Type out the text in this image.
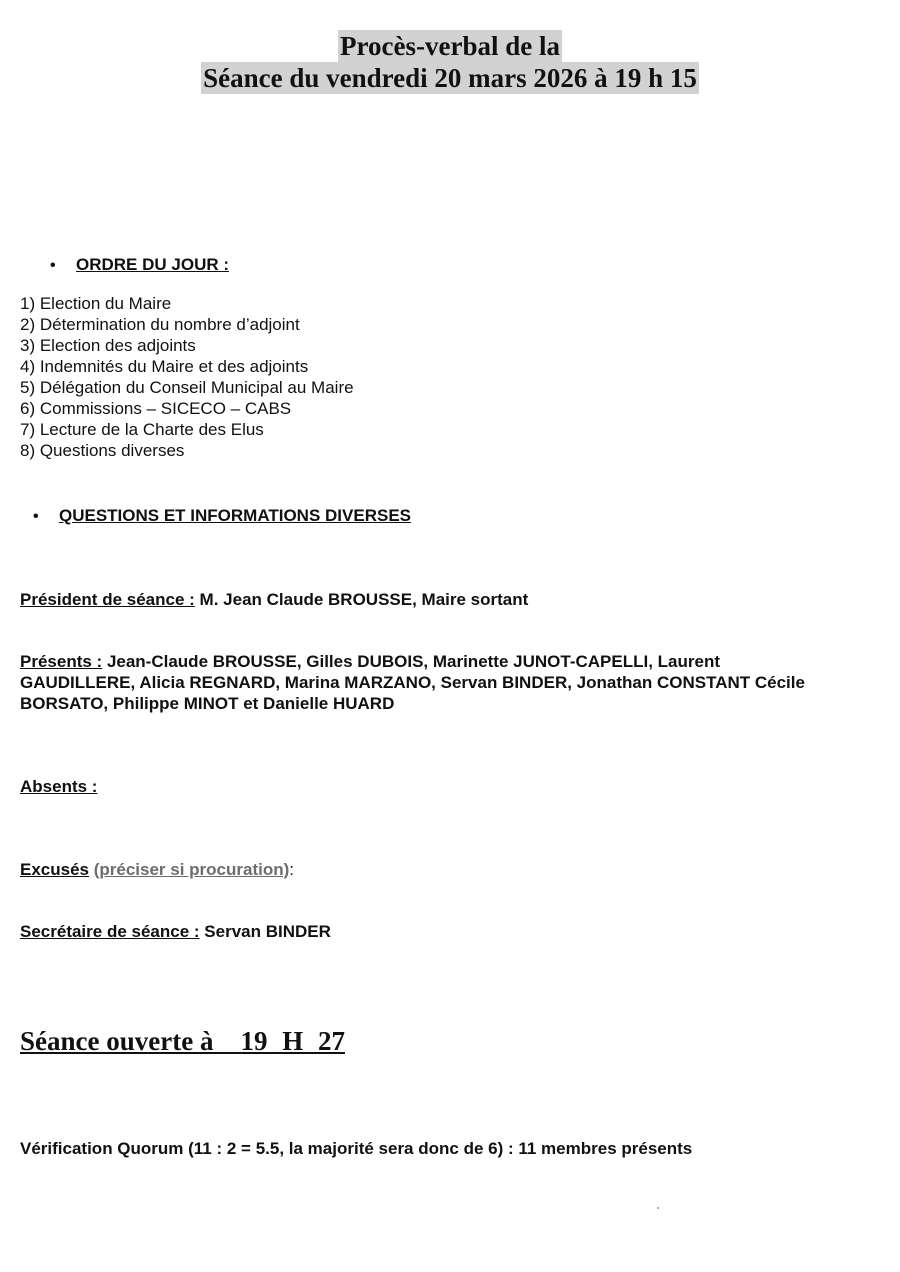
Procès-verbal de la
Séance du vendredi 20 mars 2026 à 19 h 15
• ORDRE DU JOUR :
1) Election du Maire
2) Détermination du nombre d’adjoint
3) Election des adjoints
4) Indemnités du Maire et des adjoints
5) Délégation du Conseil Municipal au Maire
6) Commissions – SICECO – CABS
7) Lecture de la Charte des Elus
8) Questions diverses
• QUESTIONS ET INFORMATIONS DIVERSES
Président de séance : M. Jean Claude BROUSSE, Maire sortant
Présents : Jean-Claude BROUSSE, Gilles DUBOIS, Marinette JUNOT-CAPELLI, Laurent GAUDILLERE, Alicia REGNARD, Marina MARZANO, Servan BINDER, Jonathan CONSTANT Cécile BORSATO, Philippe MINOT et Danielle HUARD
Absents :
Excusés (préciser si procuration):
Secrétaire de séance : Servan BINDER
Séance ouverte à 19 H 27
Vérification Quorum (11 : 2 = 5.5, la majorité sera donc de 6) : 11 membres présents
